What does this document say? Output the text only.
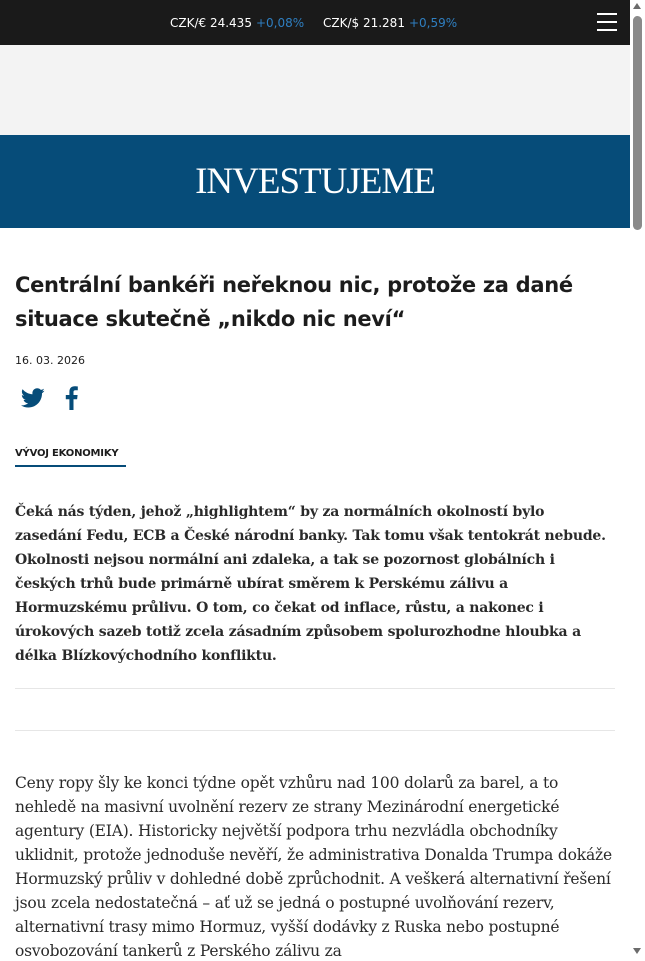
CZK/€ 24.435 +0,08% CZK/$ 21.281 +0,59%
INVESTUJEME
Centrální bankéři neřeknou nic, protože za dané situace skutečně „nikdo nic neví“
16. 03. 2026
VÝVOJ EKONOMIKY

Čeká nás týden, jehož „highlightem“ by za normálních okolností bylo zasedání Fedu, ECB a České národní banky. Tak tomu však tentokrát nebude. Okolnosti nejsou normální ani zdaleka, a tak se pozornost globálních i českých trhů bude primárně ubírat směrem k Perskému zálivu a Hormuzskému průlivu. O tom, co čekat od inflace, růstu, a nakonec i úrokových sazeb totiž zcela zásadním způsobem spolurozhodne hloubka a délka Blízkovýchodního konfliktu.

Ceny ropy šly ke konci týdne opět vzhůru nad 100 dolarů za barel, a to nehledě na masivní uvolnění rezerv ze strany Mezinárodní energetické agentury (EIA). Historicky největší podpora trhu nezvládla obchodníky uklidnit, protože jednoduše nevěří, že administrativa Donalda Trumpa dokáže Hormuzský průliv v dohledné době zprůchodnit. A veškerá alternativní řešení jsou zcela nedostatečná – ať už se jedná o postupné uvolňování rezerv, alternativní trasy mimo Hormuz, vyšší dodávky z Ruska nebo postupné osvobozování tankerů z Perského zálivu za
